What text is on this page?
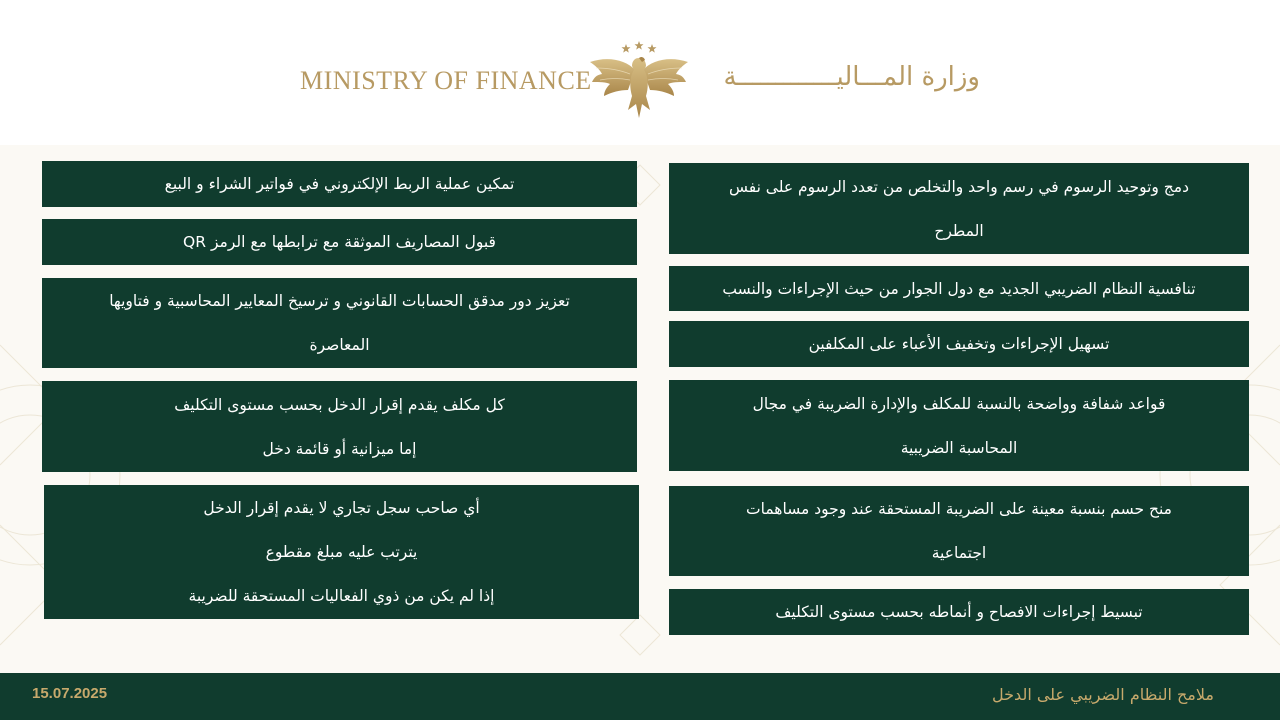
MINISTRY OF FINANCE	وزارة المـــاليـــــــــــــة
تمكين عملية الربط الإلكتروني في فواتير الشراء و البيع
قبول المصاريف الموثقة مع ترابطها مع الرمز QR
تعزيز دور مدقق الحسابات القانوني و ترسيخ المعايير المحاسبية و فتاويها
المعاصرة
كل مكلف يقدم إقرار الدخل بحسب مستوى التكليف
إما ميزانية أو قائمة دخل
أي صاحب سجل تجاري لا يقدم إقرار الدخل
يترتب عليه مبلغ مقطوع
إذا لم يكن من ذوي الفعاليات المستحقة للضريبة
دمج وتوحيد الرسوم في رسم واحد والتخلص من تعدد الرسوم على نفس
المطرح
تنافسية النظام الضريبي الجديد مع دول الجوار من حيث الإجراءات والنسب
تسهيل الإجراءات وتخفيف الأعباء على المكلفين
قواعد شفافة وواضحة بالنسبة للمكلف والإدارة الضريبة في مجال
المحاسبة الضريبية
منح حسم بنسبة معينة على الضريبة المستحقة عند وجود مساهمات
اجتماعية
تبسيط إجراءات الافصاح و أنماطه بحسب مستوى التكليف
15.07.2025	ملامح النظام الضريبي على الدخل
